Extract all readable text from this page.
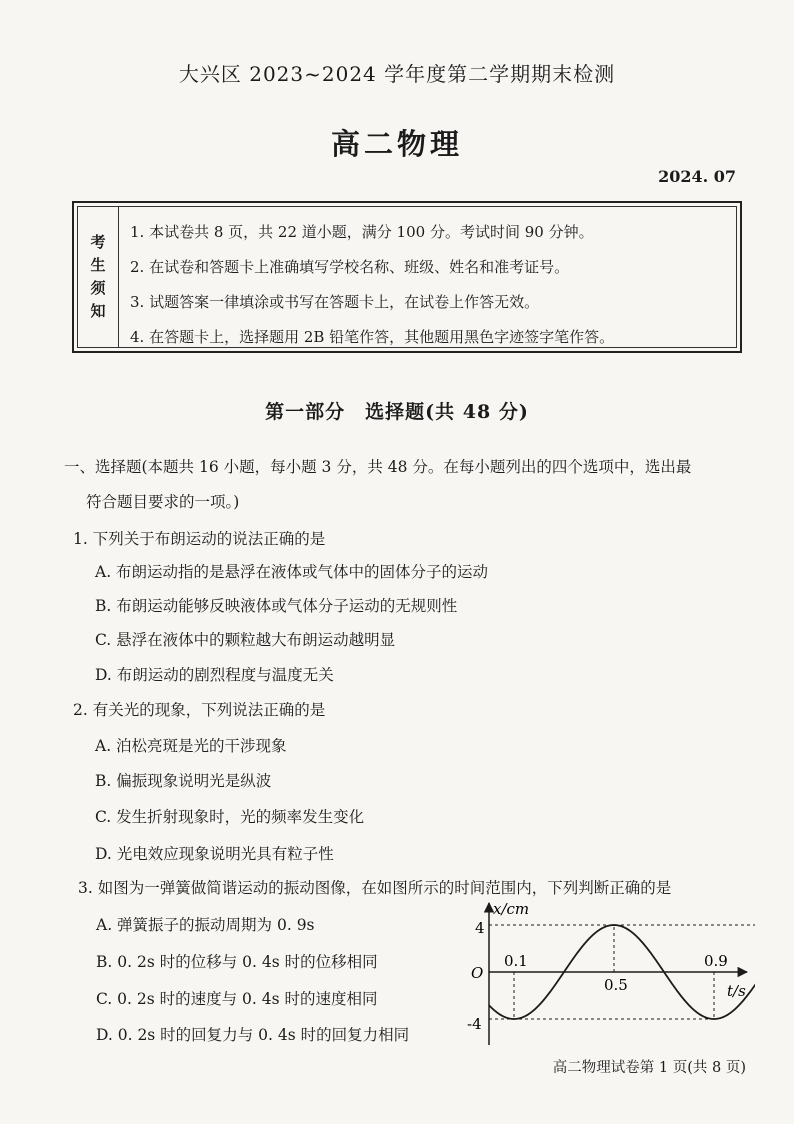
大兴区 2023~2024 学年度第二学期期末检测
高二物理
2024. 07
考
生
须
知
1. 本试卷共 8 页，共 22 道小题，满分 100 分。考试时间 90 分钟。
2. 在试卷和答题卡上准确填写学校名称、班级、姓名和准考证号。
3. 试题答案一律填涂或书写在答题卡上，在试卷上作答无效。
4. 在答题卡上，选择题用 2B 铅笔作答，其他题用黑色字迹签字笔作答。
第一部分　选择题(共 48 分)
一、选择题(本题共 16 小题，每小题 3 分，共 48 分。在每小题列出的四个选项中，选出最
符合题目要求的一项。)
1. 下列关于布朗运动的说法正确的是
A. 布朗运动指的是悬浮在液体或气体中的固体分子的运动
B. 布朗运动能够反映液体或气体分子运动的无规则性
C. 悬浮在液体中的颗粒越大布朗运动越明显
D. 布朗运动的剧烈程度与温度无关
2. 有关光的现象，下列说法正确的是
A. 泊松亮斑是光的干涉现象
B. 偏振现象说明光是纵波
C. 发生折射现象时，光的频率发生变化
D. 光电效应现象说明光具有粒子性
3. 如图为一弹簧做简谐运动的振动图像，在如图所示的时间范围内，下列判断正确的是
A. 弹簧振子的振动周期为 0. 9s
B. 0. 2s 时的位移与 0. 4s 时的位移相同
C. 0. 2s 时的速度与 0. 4s 时的速度相同
D. 0. 2s 时的回复力与 0. 4s 时的回复力相同
x/cm
t/s
O
4
-4
0.1
0.5
0.9
高二物理试卷第 1 页(共 8 页)
